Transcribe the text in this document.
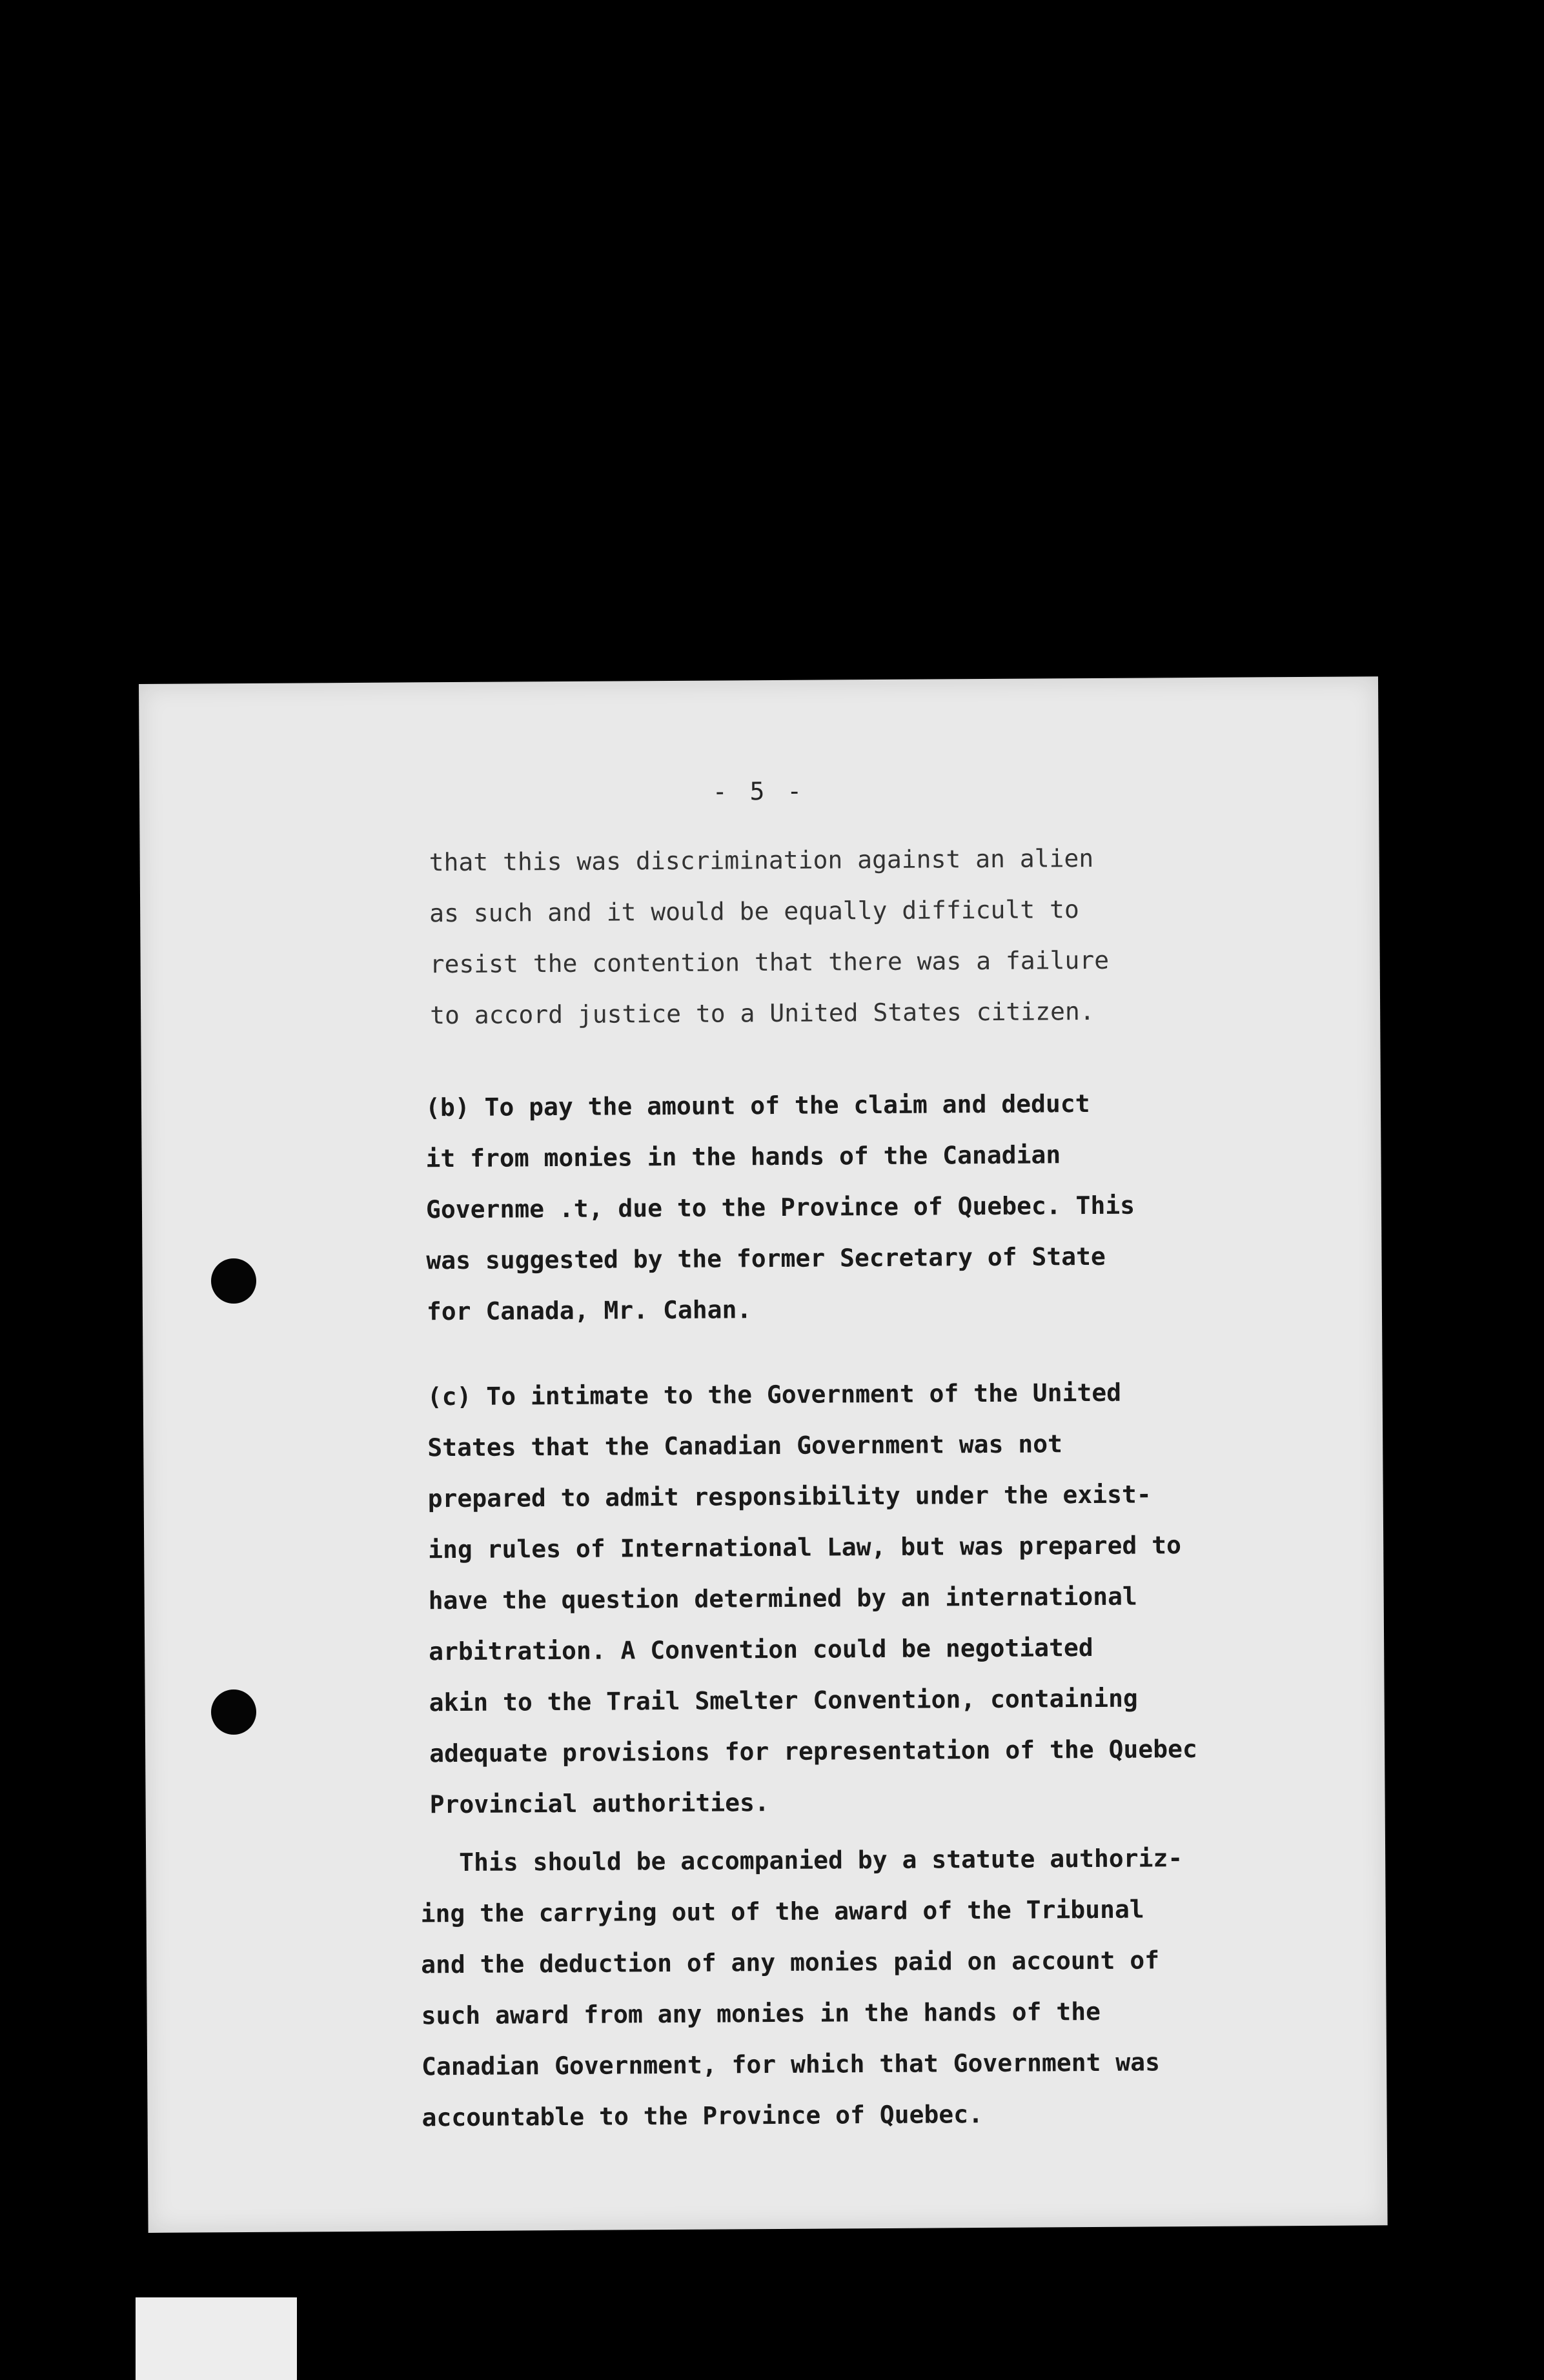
- 5 -
that this was discrimination against an alien
as such and it would be equally difficult to
resist the contention that there was a failure
to accord justice to a United States citizen.
(b) To pay the amount of the claim and deduct
it from monies in the hands of the Canadian
Governme .t, due to the Province of Quebec. This
was suggested by the former Secretary of State
for Canada, Mr. Cahan.
(c) To intimate to the Government of the United
States that the Canadian Government was not
prepared to admit responsibility under the exist-
ing rules of International Law, but was prepared to
have the question determined by an international
arbitration. A Convention could be negotiated
akin to the Trail Smelter Convention, containing
adequate provisions for representation of the Quebec
Provincial authorities.
This should be accompanied by a statute authoriz-
ing the carrying out of the award of the Tribunal
and the deduction of any monies paid on account of
such award from any monies in the hands of the
Canadian Government, for which that Government was
accountable to the Province of Quebec.
